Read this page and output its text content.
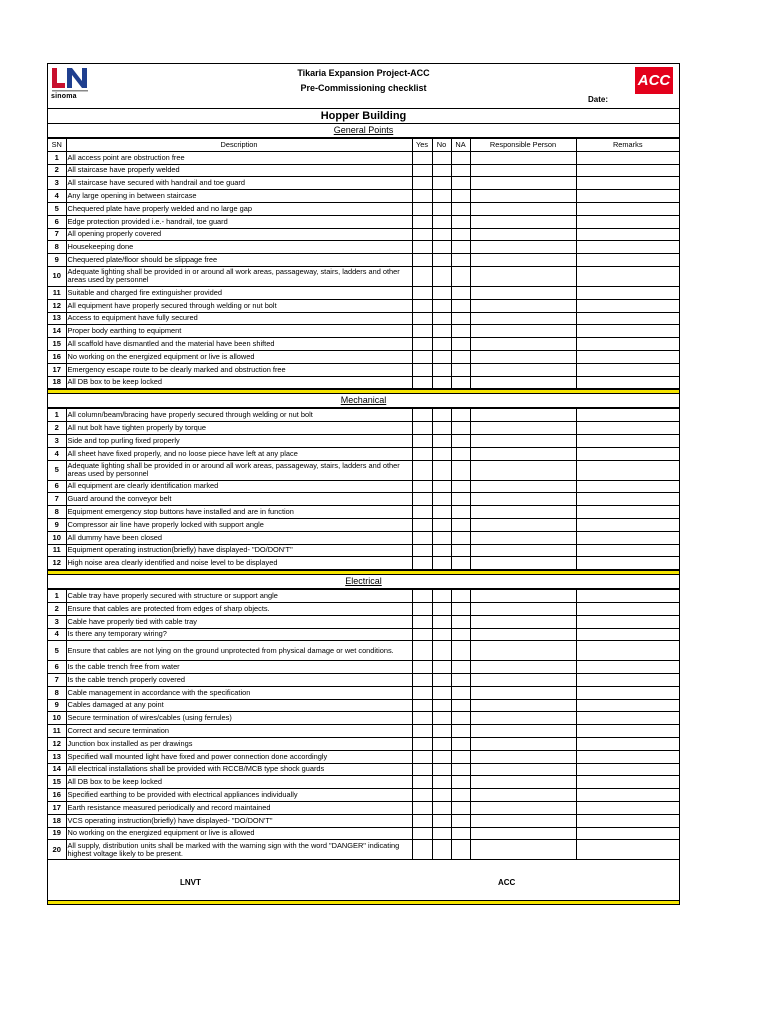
sinoma
Tikaria Expansion Project-ACC
Pre-Commissioning checklist	ACC
Date:
Hopper Building
General Points
SN	Description	Yes	No	NA	Responsible Person	Remarks
1	All access point are obstruction free					
2	All staircase have properly welded					
3	All staircase have secured with handrail and toe guard					
4	Any large opening in between staircase					
5	Chequered plate have properly welded and no large gap					
6	Edge protection provided i.e.- handrail, toe guard					
7	All opening properly covered					
8	Housekeeping done					
9	Chequered plate/floor should be slippage free					
10	Adequate lighting shall be provided in or around all work areas, passageway, stairs, ladders and other areas used by personnel					
11	Suitable and charged fire extinguisher provided					
12	All equipment have properly secured through welding or nut bolt					
13	Access to equipment have fully secured					
14	Proper body earthing to equipment					
15	All scaffold have dismantled and the material have been shifted					
16	No working on the energized equipment or live is allowed					
17	Emergency escape route to be clearly marked and obstruction free					
18	All DB box to be keep locked					
Mechanical
1	All column/beam/bracing have properly secured through welding or nut bolt					
2	All nut bolt have tighten properly by torque					
3	Side and top purling fixed properly					
4	All sheet have fixed properly, and no loose piece have left at any place					
5	Adequate lighting shall be provided in or around all work areas, passageway, stairs, ladders and other areas used by personnel					
6	All equipment are clearly identification marked					
7	Guard around the conveyor belt					
8	Equipment emergency stop buttons have installed and are in function					
9	Compressor air line have properly locked with support angle					
10	All dummy have been closed					
11	Equipment operating instruction(briefly) have displayed- "DO/DON'T"					
12	High noise area clearly identified and noise level to be displayed					
Electrical
1	Cable tray have properly secured with structure or support angle					
2	Ensure that cables are protected from edges of sharp objects.					
3	Cable have properly tied with cable tray					
4	Is there any temporary wiring?					
5	Ensure that cables are not lying on the ground unprotected from physical damage or wet conditions.					
6	Is the cable trench free from water					
7	Is the cable trench properly covered					
8	Cable management in accordance with the specification					
9	Cables damaged at any point					
10	Secure termination of wires/cables (using ferrules)					
11	Correct and secure termination					
12	Junction box installed as per drawings					
13	Specified wall mounted light have fixed and power connection done accordingly					
14	All electrical installations shall be provided with RCCB/MCB type shock guards					
15	All DB box to be keep locked					
16	Specified earthing to be provided with electrical appliances individually					
17	Earth resistance measured periodically and record maintained					
18	VCS operating instruction(briefly) have displayed- "DO/DON'T"					
19	No working on the energized equipment or live is allowed					
20	All supply, distribution units shall be marked with the warning sign with the word "DANGER" indicating highest voltage likely to be present.					
LNVT	ACC
